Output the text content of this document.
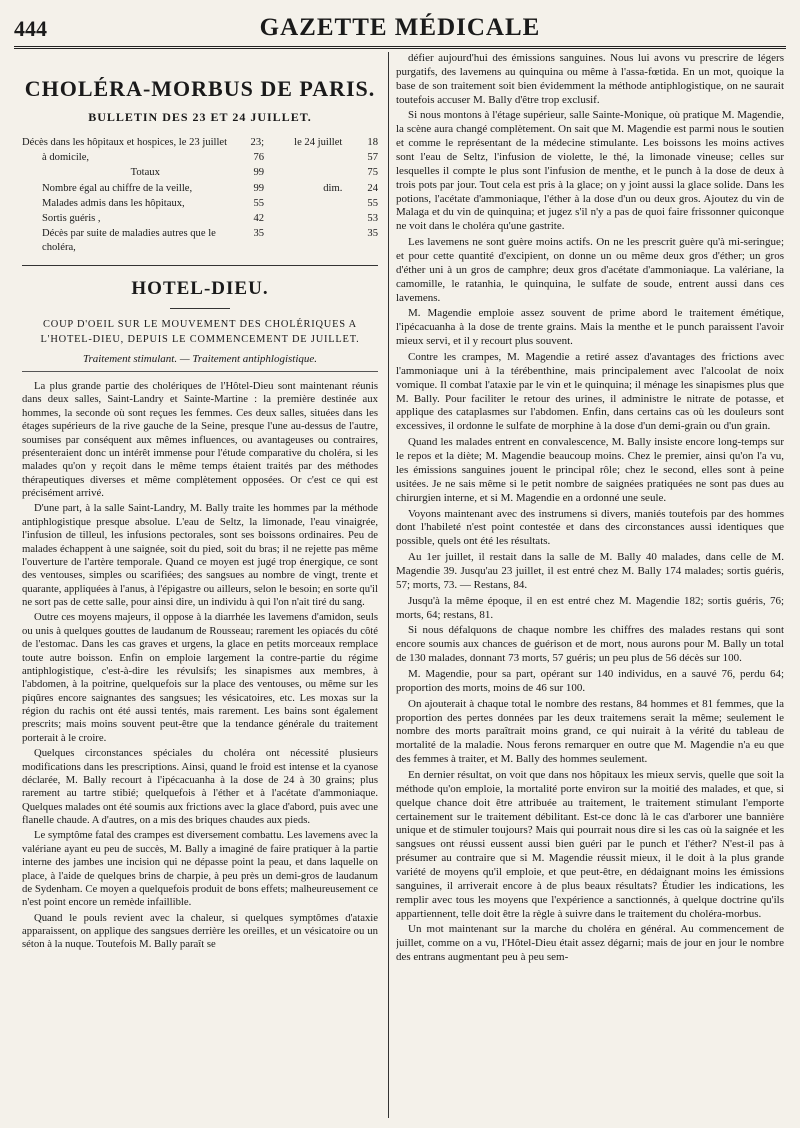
444	GAZETTE MÉDICALE
CHOLÉRA-MORBUS DE PARIS.
BULLETIN DES 23 ET 24 JUILLET.
Décès dans les hôpitaux et hospices, le 23 juillet	23;	le 24 juillet	18
à domicile,	76		57
Totaux	99		75
Nombre égal au chiffre de la veille,	99	dim.	24
Malades admis dans les hôpitaux,	55		55
Sortis guéris ,	42		53
Décès par suite de maladies autres que le choléra,	35		35
HOTEL-DIEU.
COUP D'OEIL SUR LE MOUVEMENT DES CHOLÉRIQUES A L'HOTEL-DIEU, DEPUIS LE COMMENCEMENT DE JUILLET.
Traitement stimulant. — Traitement antiphlogistique.

La plus grande partie des cholériques de l'Hôtel-Dieu sont maintenant réunis dans deux salles, Saint-Landry et Sainte-Martine : la première destinée aux hommes, la seconde où sont reçues les femmes. Ces deux salles, situées dans les étages supérieurs de la rive gauche de la Seine, presque l'une au-dessus de l'autre, soumises par conséquent aux mêmes influences, ou avantageuses ou contraires, présenteraient donc un intérêt immense pour l'étude comparative du choléra, si les malades qu'on y reçoit dans le même temps étaient traités par des méthodes thérapeutiques diverses et même complètement opposées. Or c'est ce qui est précisément arrivé.

D'une part, à la salle Saint-Landry, M. Bally traite les hommes par la méthode antiphlogistique presque absolue. L'eau de Seltz, la limonade, l'eau vinaigrée, l'infusion de tilleul, les infusions pectorales, sont ses boissons ordinaires. Peu de malades échappent à une saignée, soit du pied, soit du bras; il ne rejette pas même l'ouverture de l'artère temporale. Quand ce moyen est jugé trop énergique, ce sont des ventouses, simples ou scarifiées; des sangsues au nombre de vingt, trente et quarante, appliquées à l'anus, à l'épigastre ou ailleurs, selon le besoin; en sorte qu'il ne sort pas de cette salle, pour ainsi dire, un individu à qui l'on n'ait tiré du sang.

Outre ces moyens majeurs, il oppose à la diarrhée les lavemens d'amidon, seuls ou unis à quelques gouttes de laudanum de Rousseau; rarement les opiacés du côté de l'estomac. Dans les cas graves et urgens, la glace en petits morceaux remplace toute autre boisson. Enfin on emploie largement la contre-partie du régime antiphlogistique, c'est-à-dire les révulsifs; les sinapismes aux membres, à l'abdomen, à la poitrine, quelquefois sur la place des ventouses, ou même sur les piqûres encore saignantes des sangsues; les vésicatoires, etc. Les moxas sur la région du rachis ont été aussi tentés, mais rarement. Les bains sont également prescrits; mais moins souvent peut-être que la tendance générale du traitement porterait à le croire.

Quelques circonstances spéciales du choléra ont nécessité plusieurs modifications dans les prescriptions. Ainsi, quand le froid est intense et la cyanose déclarée, M. Bally recourt à l'ipécacuanha à la dose de 24 à 30 grains; plus rarement au tartre stibié; quelquefois à l'éther et à l'acétate d'ammoniaque. Quelques malades ont été soumis aux frictions avec la glace d'abord, puis avec une flanelle chaude. A d'autres, on a mis des briques chaudes aux pieds.

Le symptôme fatal des crampes est diversement combattu. Les lavemens avec la valériane ayant eu peu de succès, M. Bally a imaginé de faire pratiquer à la partie interne des jambes une incision qui ne dépasse point la peau, et dans laquelle on place, à l'aide de quelques brins de charpie, à peu près un demi-gros de laudanum de Sydenham. Ce moyen a quelquefois produit de bons effets; malheureusement ce n'est point encore un remède infaillible.

Quand le pouls revient avec la chaleur, si quelques symptômes d'ataxie apparaissent, on applique des sangsues derrière les oreilles, et un vésicatoire ou un séton à la nuque. Toutefois M. Bally paraît se

défier aujourd'hui des émissions sanguines. Nous lui avons vu prescrire de légers purgatifs, des lavemens au quinquina ou même à l'assa-fœtida. En un mot, quoique la base de son traitement soit bien évidemment la méthode antiphlogistique, on ne saurait toutefois accuser M. Bally d'être trop exclusif.

Si nous montons à l'étage supérieur, salle Sainte-Monique, où pratique M. Magendie, la scène aura changé complètement. On sait que M. Magendie est parmi nous le soutien et comme le représentant de la médecine stimulante. Les boissons les moins actives sont l'eau de Seltz, l'infusion de violette, le thé, la limonade vineuse; celles sur lesquelles il compte le plus sont l'infusion de menthe, et le punch à la dose de deux à trois pots par jour. Tout cela est pris à la glace; on y joint aussi la glace solide. Dans les potions, l'acétate d'ammoniaque, l'éther à la dose d'un ou deux gros. Ajoutez du vin de Malaga et du vin de quinquina; et jugez s'il n'y a pas de quoi faire frissonner quiconque ne voit dans le choléra qu'une gastrite.

Les lavemens ne sont guère moins actifs. On ne les prescrit guère qu'à mi-seringue; et pour cette quantité d'excipient, on donne un ou même deux gros d'éther; un gros d'éther uni à un gros de camphre; deux gros d'acétate d'ammoniaque. La valériane, la camomille, le ratanhia, le quinquina, le sulfate de soude, entrent aussi dans ces lavemens.

M. Magendie emploie assez souvent de prime abord le traitement émétique, l'ipécacuanha à la dose de trente grains. Mais la menthe et le punch paraissent l'avoir mieux servi, et il y recourt plus souvent.

Contre les crampes, M. Magendie a retiré assez d'avantages des frictions avec l'ammoniaque uni à la térébenthine, mais principalement avec l'alcoolat de noix vomique. Il combat l'ataxie par le vin et le quinquina; il ménage les sinapismes plus que M. Bally. Pour faciliter le retour des urines, il administre le nitrate de potasse, et applique des cataplasmes sur l'abdomen. Enfin, dans certains cas où les douleurs sont excessives, il ordonne le sulfate de morphine à la dose d'un demi-grain ou d'un grain.

Quand les malades entrent en convalescence, M. Bally insiste encore long-temps sur le repos et la diète; M. Magendie beaucoup moins. Chez le premier, ainsi qu'on l'a vu, les émissions sanguines jouent le principal rôle; chez le second, elles sont à peine usitées. Je ne sais même si le petit nombre de saignées pratiquées ne sont pas dues au chirurgien interne, et si M. Magendie en a ordonné une seule.

Voyons maintenant avec des instrumens si divers, maniés toutefois par des hommes dont l'habileté n'est point contestée et dans des circonstances aussi identiques que possible, quels ont été les résultats.

Au 1er juillet, il restait dans la salle de M. Bally 40 malades, dans celle de M. Magendie 39. Jusqu'au 23 juillet, il est entré chez M. Bally 174 malades; sortis guéris, 57; morts, 73. — Restans, 84.

Jusqu'à la même époque, il en est entré chez M. Magendie 182; sortis guéris, 76; morts, 64; restans, 81.

Si nous défalquons de chaque nombre les chiffres des malades restans qui sont encore soumis aux chances de guérison et de mort, nous aurons pour M. Bally un total de 130 malades, donnant 73 morts, 57 guéris; un peu plus de 56 décès sur 100.

M. Magendie, pour sa part, opérant sur 140 individus, en a sauvé 76, perdu 64; proportion des morts, moins de 46 sur 100.

On ajouterait à chaque total le nombre des restans, 84 hommes et 81 femmes, que la proportion des pertes données par les deux traitemens serait la même; seulement le nombre des morts paraîtrait moins grand, ce qui nuirait à la vérité du tableau de mortalité de la maladie. Nous ferons remarquer en outre que M. Magendie n'a eu que des femmes à traiter, et M. Bally des hommes seulement.

En dernier résultat, on voit que dans nos hôpitaux les mieux servis, quelle que soit la méthode qu'on emploie, la mortalité porte environ sur la moitié des malades, et que, si quelque chance doit être attribuée au traitement, le traitement stimulant l'emporte certainement sur le traitement débilitant. Est-ce donc là le cas d'arborer une bannière unique et de stimuler toujours? Mais qui pourrait nous dire si les cas où la saignée et les sangsues ont réussi eussent aussi bien guéri par le punch et l'éther? N'est-il pas à présumer au contraire que si M. Magendie réussit mieux, il le doit à la plus grande variété de moyens qu'il emploie, et que peut-être, en dédaignant moins les émissions sanguines, il arriverait encore à de plus beaux résultats? Étudier les indications, les remplir avec tous les moyens que l'expérience a sanctionnés, à quelque doctrine qu'ils appartiennent, telle doit être la règle à suivre dans le traitement du choléra-morbus.

Un mot maintenant sur la marche du choléra en général. Au commencement de juillet, comme on a vu, l'Hôtel-Dieu était assez dégarni; mais de jour en jour le nombre des entrans augmentant peu à peu sem-
